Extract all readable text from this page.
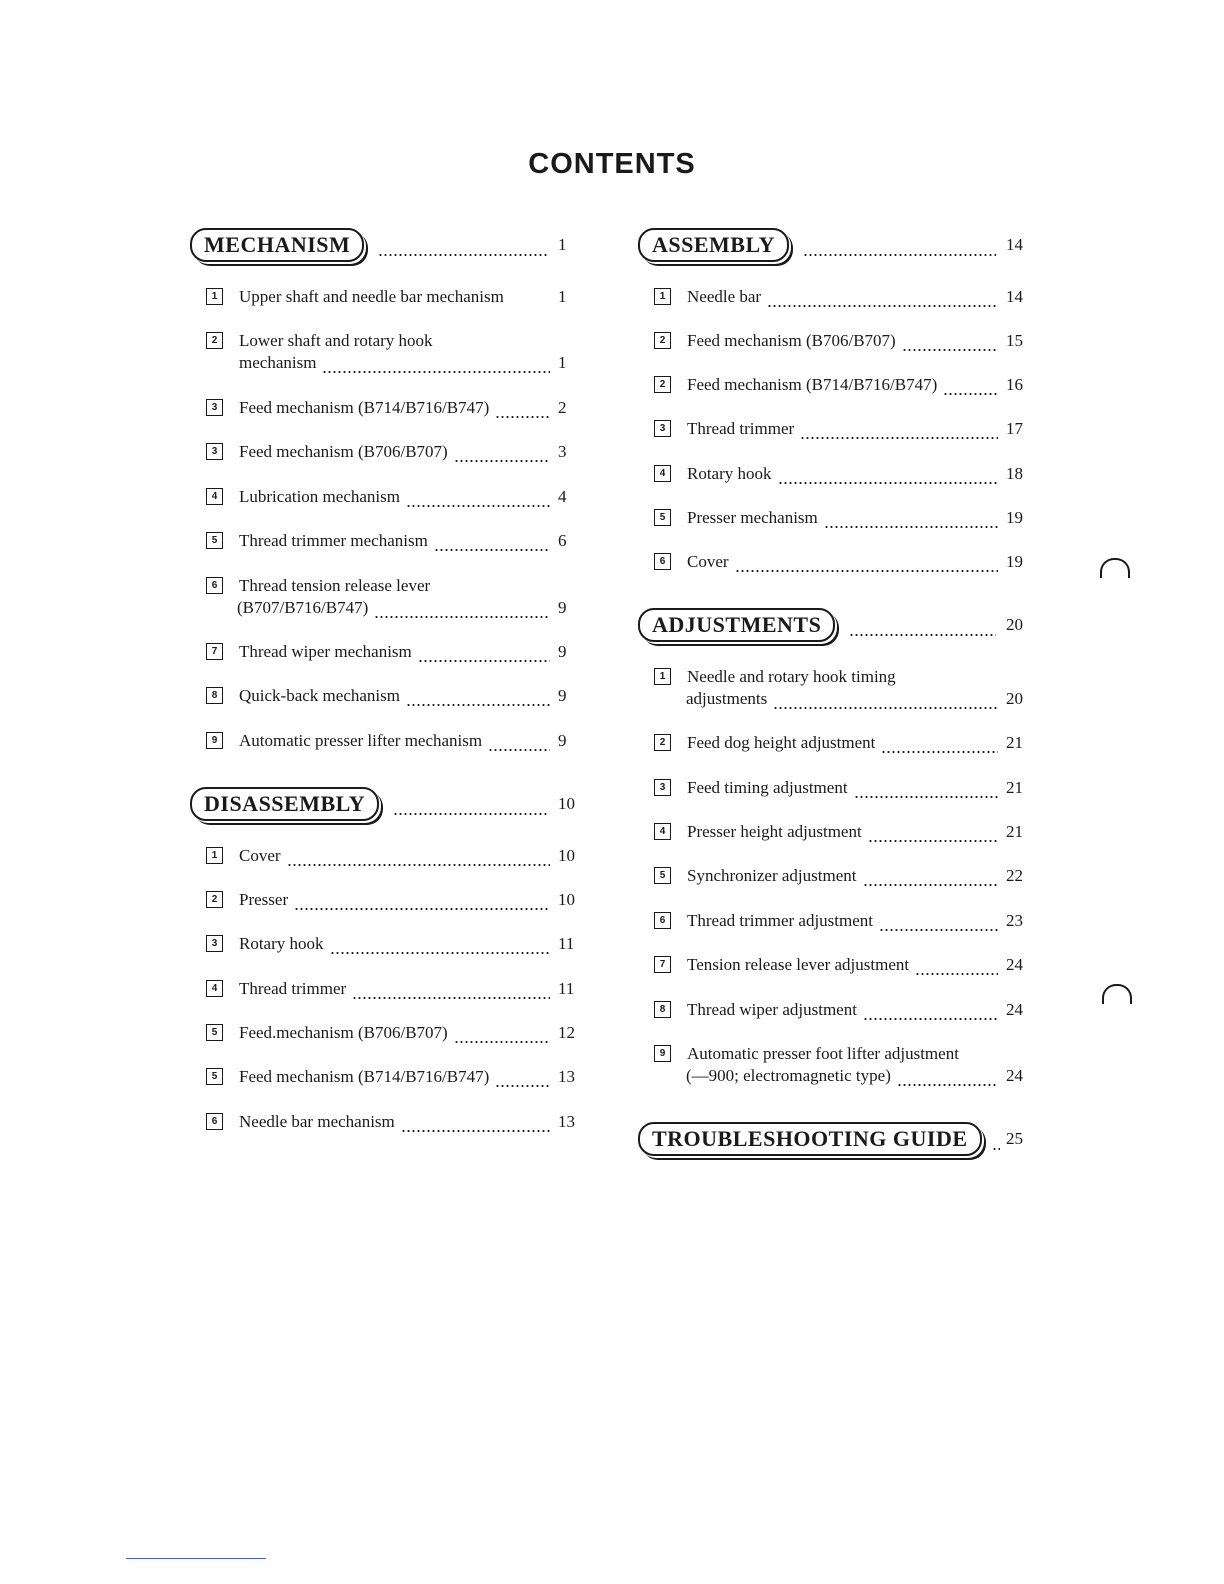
CONTENTS
MECHANISM	1
1	Upper shaft and needle bar mechanism	1
2	Lower shaft and rotary hook
mechanism	1
3	Feed mechanism (B714/B716/B747)	2
3	Feed mechanism (B706/B707)	3
4	Lubrication mechanism	4
5	Thread trimmer mechanism	6
6	Thread tension release lever
(B707/B716/B747)	9
7	Thread wiper mechanism	9
8	Quick-back mechanism	9
9	Automatic presser lifter mechanism	9
DISASSEMBLY	10
1	Cover	10
2	Presser	10
3	Rotary hook	11
4	Thread trimmer	11
5	Feed.mechanism (B706/B707)	12
5	Feed mechanism (B714/B716/B747)	13
6	Needle bar mechanism	13
ASSEMBLY	14
1	Needle bar	14
2	Feed mechanism (B706/B707)	15
2	Feed mechanism (B714/B716/B747)	16
3	Thread trimmer	17
4	Rotary hook	18
5	Presser mechanism	19
6	Cover	19
ADJUSTMENTS	20
1	Needle and rotary hook timing
adjustments	20
2	Feed dog height adjustment	21
3	Feed timing adjustment	21
4	Presser height adjustment	21
5	Synchronizer adjustment	22
6	Thread trimmer adjustment	23
7	Tension release lever adjustment	24
8	Thread wiper adjustment	24
9	Automatic presser foot lifter adjustment
(—900; electromagnetic type)	24
TROUBLESHOOTING GUIDE	25
